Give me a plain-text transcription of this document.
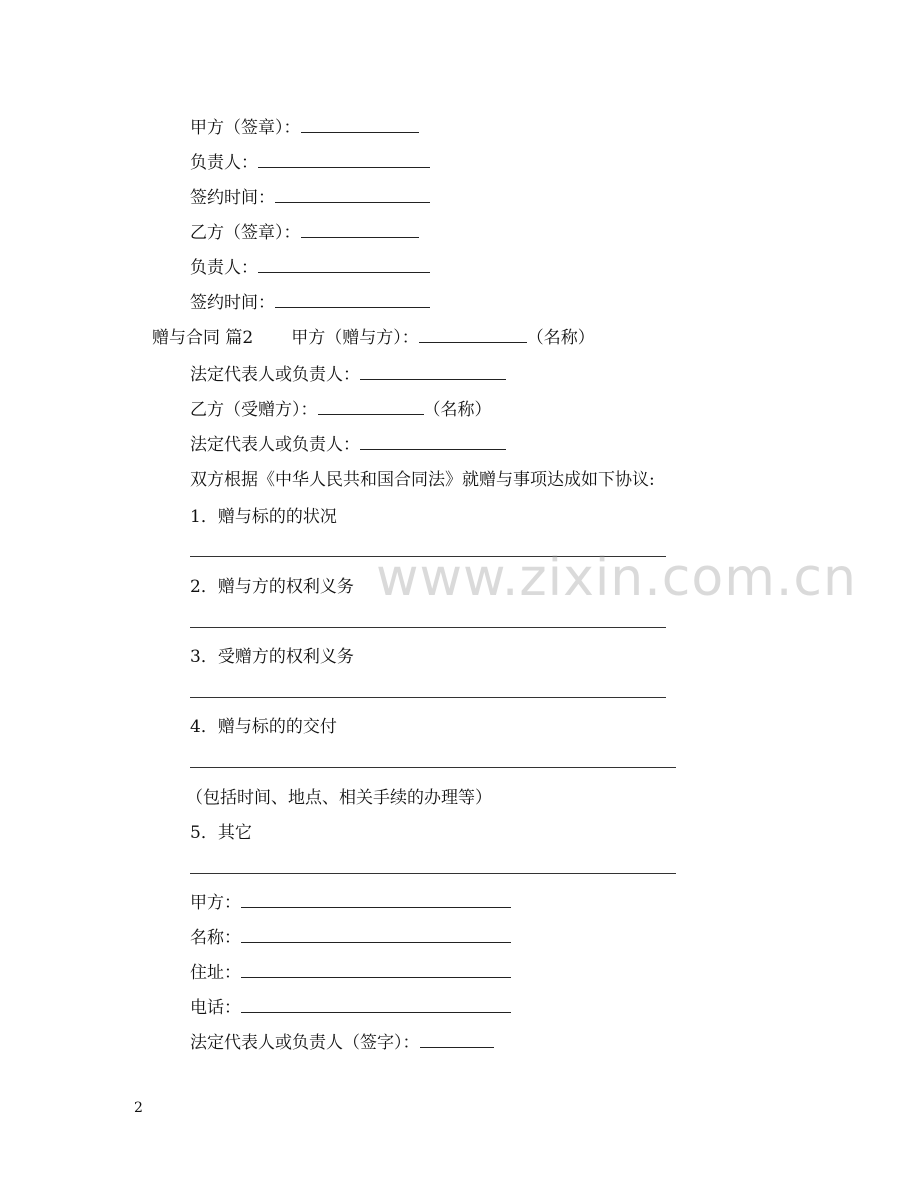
甲方（签章）：
负责人：
签约时间：
乙方（签章）：
负责人：
签约时间：
赠与合同 篇2 甲方（赠与方）：	（名称）
法定代表人或负责人：
乙方（受赠方）：	（名称）
法定代表人或负责人：
双方根据《中华人民共和国合同法》就赠与事项达成如下协议:
1．赠与标的的状况
2．赠与方的权利义务
3．受赠方的权利义务
4．赠与标的的交付
（包括时间、地点、相关手续的办理等）
5．其它
甲方：
名称：
住址：
电话：
法定代表人或负责人（签字）：
www.zixin.com.cn
2
